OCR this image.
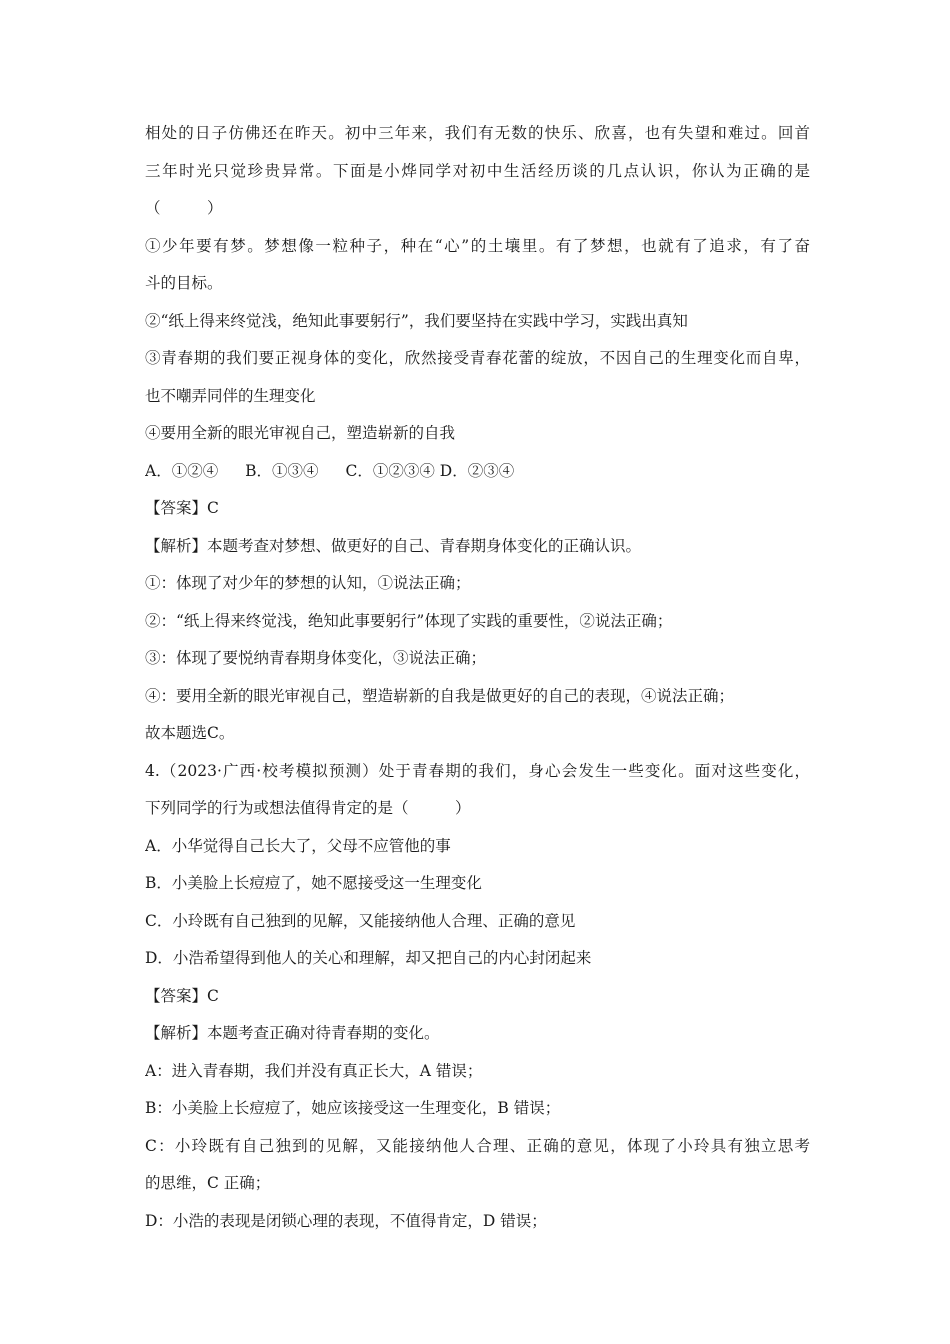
相处的日子仿佛还在昨天。初中三年来，我们有无数的快乐、欣喜，也有失望和难过。回首
三年时光只觉珍贵异常。下面是小烨同学对初中生活经历谈的几点认识，你认为正确的是
（　　　）
①少年要有梦。梦想像一粒种子，种在“心”的土壤里。有了梦想，也就有了追求，有了奋
斗的目标。
②“纸上得来终觉浅，绝知此事要躬行”，我们要坚持在实践中学习，实践出真知
③青春期的我们要正视身体的变化，欣然接受青春花蕾的绽放，不因自己的生理变化而自卑，
也不嘲弄同伴的生理变化
④要用全新的眼光审视自己，塑造崭新的自我
A．①②④ B．①③④ C．①②③④ D．②③④
【答案】C
【解析】本题考查对梦想、做更好的自己、青春期身体变化的正确认识。
①：体现了对少年的梦想的认知，①说法正确；
②：“纸上得来终觉浅，绝知此事要躬行”体现了实践的重要性，②说法正确；
③：体现了要悦纳青春期身体变化，③说法正确；
④：要用全新的眼光审视自己，塑造崭新的自我是做更好的自己的表现，④说法正确；
故本题选C。
4.（2023·广西·校考模拟预测）处于青春期的我们，身心会发生一些变化。面对这些变化，
下列同学的行为或想法值得肯定的是（　　　）
A．小华觉得自己长大了，父母不应管他的事
B．小美脸上长痘痘了，她不愿接受这一生理变化
C．小玲既有自己独到的见解，又能接纳他人合理、正确的意见
D．小浩希望得到他人的关心和理解，却又把自己的内心封闭起来
【答案】C
【解析】本题考查正确对待青春期的变化。
A：进入青春期，我们并没有真正长大，A 错误；
B：小美脸上长痘痘了，她应该接受这一生理变化，B 错误；
C：小玲既有自己独到的见解，又能接纳他人合理、正确的意见，体现了小玲具有独立思考
的思维，C 正确；
D：小浩的表现是闭锁心理的表现，不值得肯定，D 错误；
